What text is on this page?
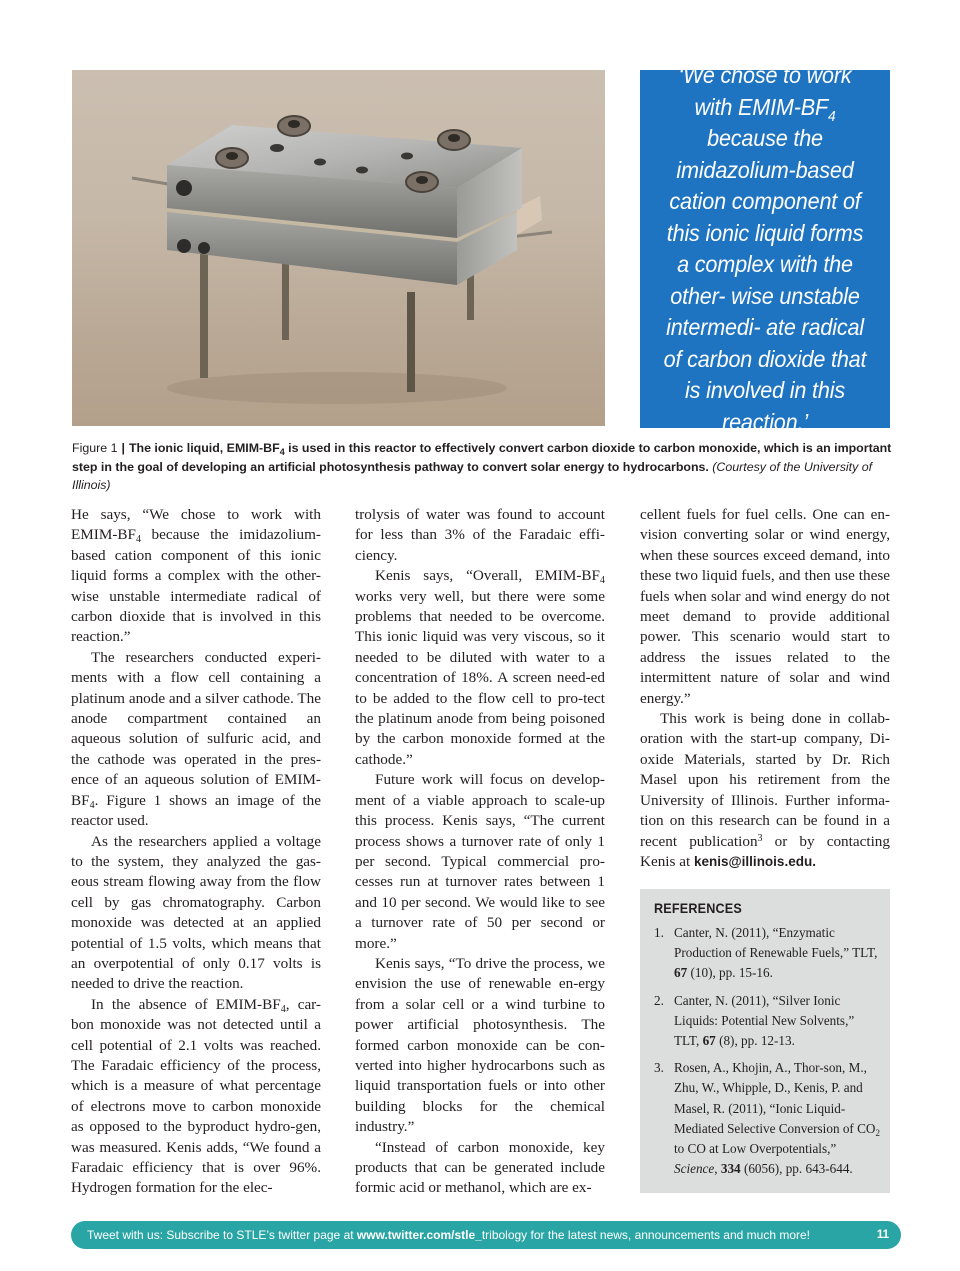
‘We chose to work with EMIM-$BF_4$ because the imidazolium-based cation component of this ionic liquid forms a complex with the other- wise unstable intermedi- ate radical of carbon dioxide that is involved in this reaction.’

Figure 1 | The ionic liquid, EMIM-$BF_4$ is used in this reactor to effectively convert carbon dioxide to carbon monoxide, which is an important step in the goal of developing an artificial photosynthesis pathway to convert solar energy to hydrocarbons. (Courtesy of the University of Illinois)

He says, “We chose to work with EMIM-$BF_4$ because the imidazolium-based cation component of this ionic liquid forms a complex with the other-wise unstable intermediate radical of carbon dioxide that is involved in this reaction.”

The researchers conducted experi-ments with a flow cell containing a platinum anode and a silver cathode. The anode compartment contained an aqueous solution of sulfuric acid, and the cathode was operated in the pres-ence of an aqueous solution of EMIM-$BF_4$. Figure 1 shows an image of the reactor used.

As the researchers applied a voltage to the system, they analyzed the gas-eous stream flowing away from the flow cell by gas chromatography. Carbon monoxide was detected at an applied potential of 1.5 volts, which means that an overpotential of only 0.17 volts is needed to drive the reaction.

In the absence of EMIM-$BF_4$, car-bon monoxide was not detected until a cell potential of 2.1 volts was reached. The Faradaic efficiency of the process, which is a measure of what percentage of electrons move to carbon monoxide as opposed to the byproduct hydro-gen, was measured. Kenis adds, “We found a Faradaic efficiency that is over 96%. Hydrogen formation for the elec-

trolysis of water was found to account for less than 3% of the Faradaic effi-ciency.

Kenis says, “Overall, EMIM-$BF_4$ works very well, but there were some problems that needed to be overcome. This ionic liquid was very viscous, so it needed to be diluted with water to a concentration of 18%. A screen need-ed to be added to the flow cell to pro-tect the platinum anode from being poisoned by the carbon monoxide formed at the cathode.”

Future work will focus on develop-ment of a viable approach to scale-up this process. Kenis says, “The current process shows a turnover rate of only 1 per second. Typical commercial pro-cesses run at turnover rates between 1 and 10 per second. We would like to see a turnover rate of 50 per second or more.”

Kenis says, “To drive the process, we envision the use of renewable en-ergy from a solar cell or a wind turbine to power artificial photosynthesis. The formed carbon monoxide can be con-verted into higher hydrocarbons such as liquid transportation fuels or into other building blocks for the chemical industry.”

“Instead of carbon monoxide, key products that can be generated include formic acid or methanol, which are ex-

cellent fuels for fuel cells. One can en-vision converting solar or wind energy, when these sources exceed demand, into these two liquid fuels, and then use these fuels when solar and wind energy do not meet demand to provide additional power. This scenario would start to address the issues related to the intermittent nature of solar and wind energy.”

This work is being done in collab-oration with the start-up company, Di-oxide Materials, started by Dr. Rich Masel upon his retirement from the University of Illinois. Further informa-tion on this research can be found in a recent publication$^3$ or by contacting Kenis at kenis@illinois.edu.

REFERENCES
1. Canter, N. (2011), “Enzymatic Production of Renewable Fuels,” TLT, 67 (10), pp. 15-16.
2. Canter, N. (2011), “Silver Ionic Liquids: Potential New Solvents,” TLT, 67 (8), pp. 12-13.
3. Rosen, A., Khojin, A., Thor-son, M., Zhu, W., Whipple, D., Kenis, P. and Masel, R. (2011), “Ionic Liquid-Mediated Selective Conversion of $CO_2$ to CO at Low Overpotentials,” Science, 334 (6056), pp. 643-644.
Tweet with us: Subscribe to STLE’s twitter page at www.twitter.com/stle_tribology for the latest news, announcements and much more!	11
